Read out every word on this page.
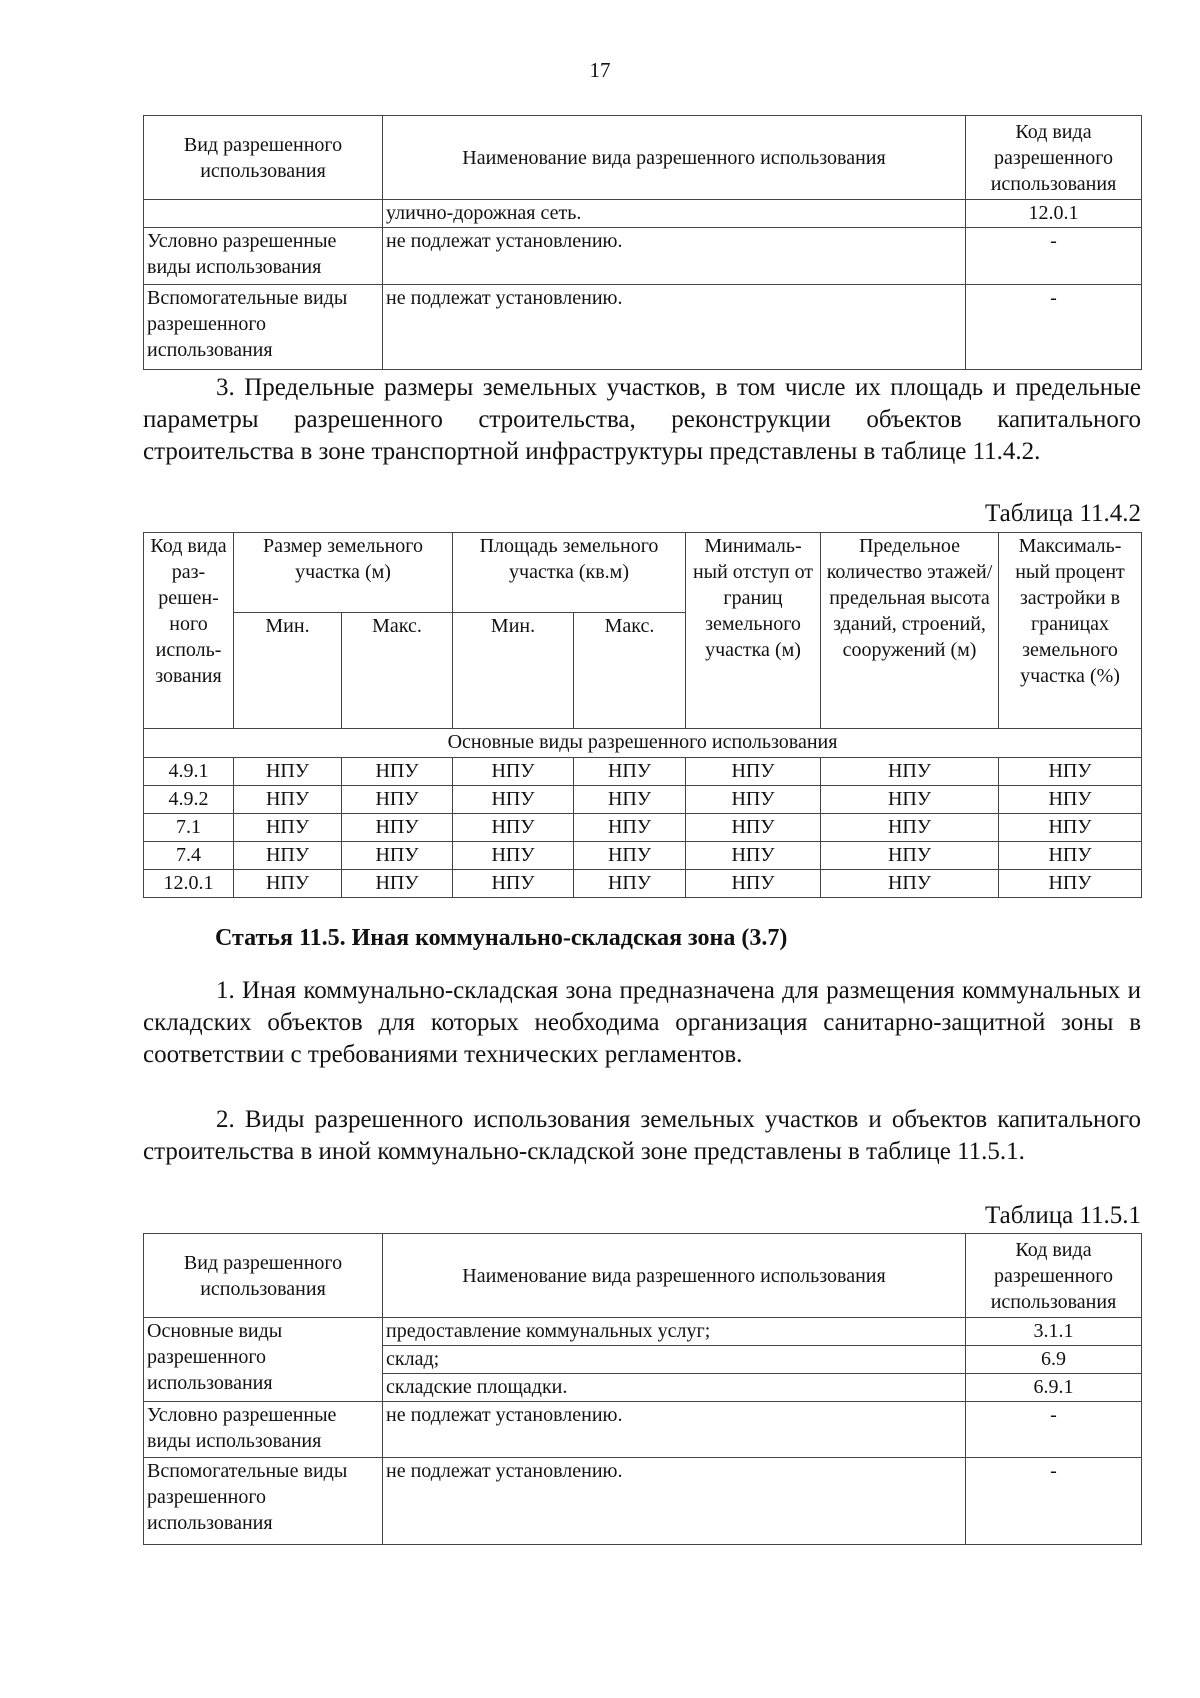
17
Вид разрешенного использования	Наименование вида разрешенного использования	Код вида разрешенного использования
	улично-дорожная сеть.	12.0.1
Условно разрешенные виды использования	не подлежат установлению.	-
Вспомогательные виды разрешенного использования	не подлежат установлению.	-
3. Предельные размеры земельных участков, в том числе их площадь и предельные параметры разрешенного строительства, реконструкции объектов капитального строительства в зоне транспортной инфраструктуры представлены в таблице 11.4.2.
Таблица 11.4.2
Код вида раз- решен- ного исполь- зования	Размер земельного участка (м)		Площадь земельного участка (кв.м)		Минималь- ный отступ от границ земельного участка (м)	Предельное количество этажей/ предельная высота зданий, строений, сооружений (м)	Максималь- ный процент застройки в границах земельного участка (%)
	Мин.	Макс.	Мин.	Макс.			
Основные виды разрешенного использования							
4.9.1	НПУ	НПУ	НПУ	НПУ	НПУ	НПУ	НПУ
4.9.2	НПУ	НПУ	НПУ	НПУ	НПУ	НПУ	НПУ
7.1	НПУ	НПУ	НПУ	НПУ	НПУ	НПУ	НПУ
7.4	НПУ	НПУ	НПУ	НПУ	НПУ	НПУ	НПУ
12.0.1	НПУ	НПУ	НПУ	НПУ	НПУ	НПУ	НПУ
Статья 11.5. Иная коммунально-складская зона (3.7)
1. Иная коммунально-складская зона предназначена для размещения коммунальных и складских объектов для которых необходима организация санитарно-защитной зоны в соответствии с требованиями технических регламентов.
2. Виды разрешенного использования земельных участков и объектов капитального строительства в иной коммунально-складской зоне представлены в таблице 11.5.1.
Таблица 11.5.1
Вид разрешенного использования	Наименование вида разрешенного использования	Код вида разрешенного использования
Основные виды разрешенного использования	предоставление коммунальных услуг;	3.1.1
	склад;	6.9
	складские площадки.	6.9.1
Условно разрешенные виды использования	не подлежат установлению.	-
Вспомогательные виды разрешенного использования	не подлежат установлению.	-
